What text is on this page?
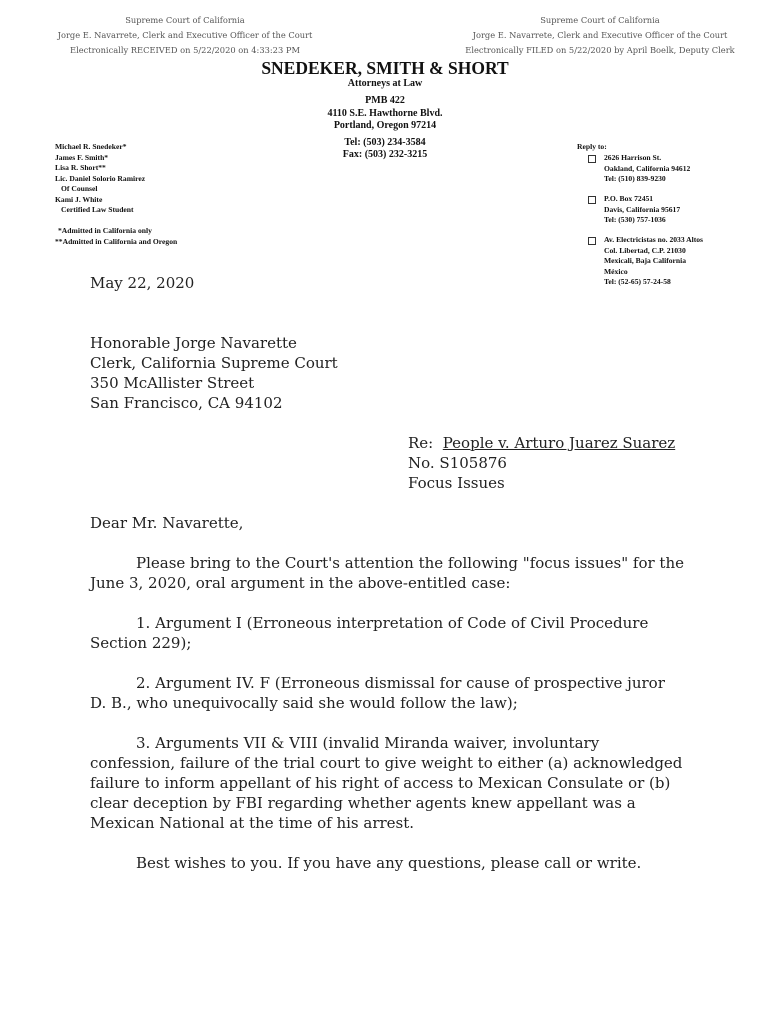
Supreme Court of California
Jorge E. Navarrete, Clerk and Executive Officer of the Court
Electronically RECEIVED on 5/22/2020 on 4:33:23 PM
Supreme Court of California
Jorge E. Navarrete, Clerk and Executive Officer of the Court
Electronically FILED on 5/22/2020 by April Boelk, Deputy Clerk
SNEDEKER, SMITH & SHORT
Attorneys at Law
PMB 422
4110 S.E. Hawthorne Blvd.
Portland, Oregon 97214
Tel: (503) 234-3584
Fax: (503) 232-3215
Michael R. Snedeker*
James F. Smith*
Lisa R. Short**
Lic. Daniel Solorio Ramirez
Of Counsel
Kami J. White
Certified Law Student
*Admitted in California only
**Admitted in California and Oregon
Reply to:
2626 Harrison St.
Oakland, California 94612
Tel: (510) 839-9230
P.O. Box 72451
Davis, California 95617
Tel: (530) 757-1036
Av. Electricistas no. 2033 Altos
Col. Libertad, C.P. 21030
Mexicali, Baja California
México
Tel: (52-65) 57-24-58
May 22, 2020
Honorable Jorge Navarette
Clerk, California Supreme Court
350 McAllister Street
San Francisco, CA 94102
Re:  People v. Arturo Juarez Suarez
No. S105876
Focus Issues
Dear Mr. Navarette,
Please bring to the Court's attention the following "focus issues" for the
June 3, 2020, oral argument in the above-entitled case:
1. Argument I (Erroneous interpretation of Code of Civil Procedure
Section 229);
2. Argument IV. F (Erroneous dismissal for cause of prospective juror
D. B., who unequivocally said she would follow the law);
3. Arguments VII & VIII (invalid Miranda waiver, involuntary
confession, failure of the trial court to give weight to either (a) acknowledged
failure to inform appellant of his right of access to Mexican Consulate or (b)
clear deception by FBI regarding whether agents knew appellant was a
Mexican National at the time of his arrest.
Best wishes to you. If you have any questions, please call or write.
